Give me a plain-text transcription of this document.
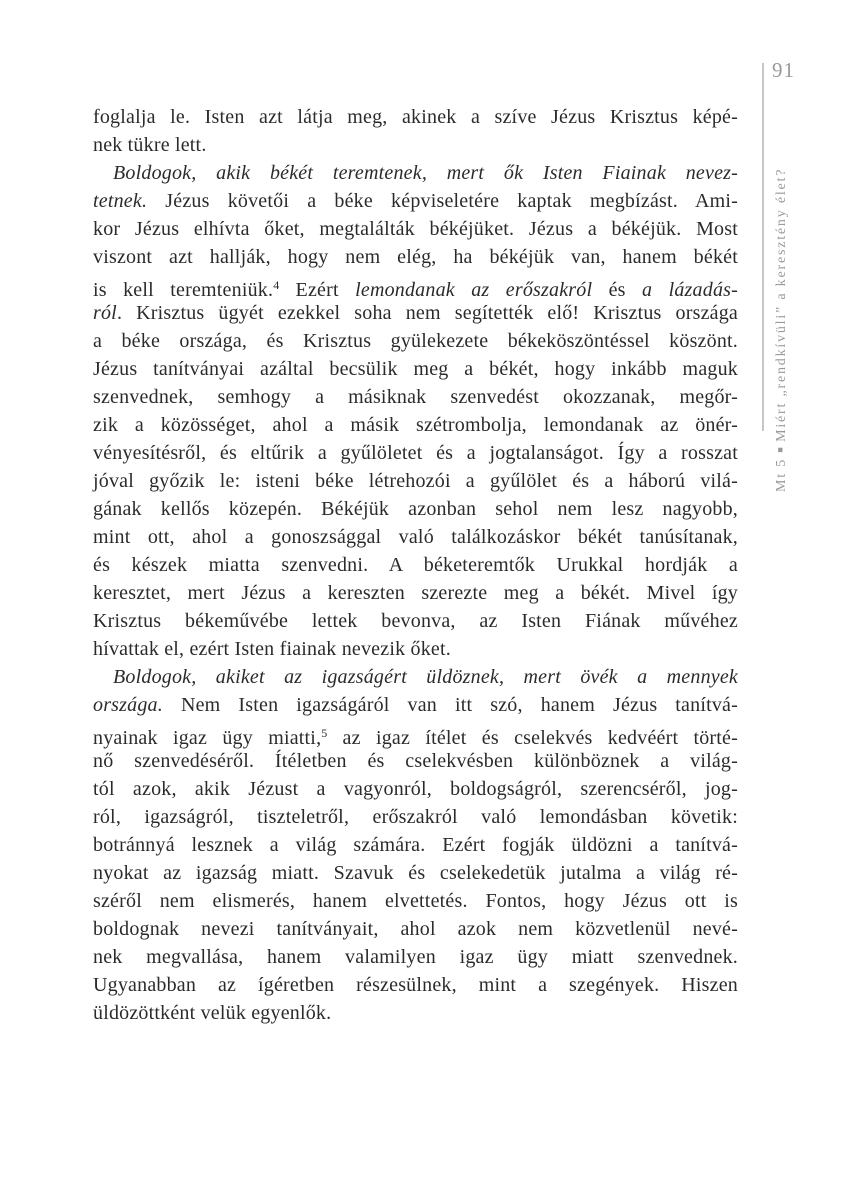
foglalja le. Isten azt látja meg, akinek a szíve Jézus Krisztus képé-
nek tükre lett.
Boldogok, akik békét teremtenek, mert ők Isten Fiainak nevez-
tetnek. Jézus követői a béke képviseletére kaptak megbízást. Ami-
kor Jézus elhívta őket, megtalálták békéjüket. Jézus a békéjük. Most
viszont azt hallják, hogy nem elég, ha békéjük van, hanem békét
is kell teremteniük.$^4$ Ezért lemondanak az erőszakról és a lázadás-
ról. Krisztus ügyét ezekkel soha nem segítették elő! Krisztus országa
a béke országa, és Krisztus gyülekezete békeköszöntéssel köszönt.
Jézus tanítványai azáltal becsülik meg a békét, hogy inkább maguk
szenvednek, semhogy a másiknak szenvedést okozzanak, megőr-
zik a közösséget, ahol a másik szétrombolja, lemondanak az önér-
vényesítésről, és eltűrik a gyűlöletet és a jogtalanságot. Így a rosszat
jóval győzik le: isteni béke létrehozói a gyűlölet és a háború vilá-
gának kellős közepén. Békéjük azonban sehol nem lesz nagyobb,
mint ott, ahol a gonoszsággal való találkozáskor békét tanúsítanak,
és készek miatta szenvedni. A béketeremtők Urukkal hordják a
keresztet, mert Jézus a kereszten szerezte meg a békét. Mivel így
Krisztus békeművébe lettek bevonva, az Isten Fiának művéhez
hívattak el, ezért Isten fiainak nevezik őket.
Boldogok, akiket az igazságért üldöznek, mert övék a mennyek
országa. Nem Isten igazságáról van itt szó, hanem Jézus tanítvá-
nyainak igaz ügy miatti,$^5$ az igaz ítélet és cselekvés kedvéért törté-
nő szenvedéséről. Ítéletben és cselekvésben különböznek a világ-
tól azok, akik Jézust a vagyonról, boldogságról, szerencséről, jog-
ról, igazságról, tiszteletről, erőszakról való lemondásban követik:
botránnyá lesznek a világ számára. Ezért fogják üldözni a tanítvá-
nyokat az igazság miatt. Szavuk és cselekedetük jutalma a világ ré-
széről nem elismerés, hanem elvettetés. Fontos, hogy Jézus ott is
boldognak nevezi tanítványait, ahol azok nem közvetlenül nevé-
nek megvallása, hanem valamilyen igaz ügy miatt szenvednek.
Ugyanabban az ígéretben részesülnek, mint a szegények. Hiszen
üldözöttként velük egyenlők.
91
Mt 5 ■ Miért „rendkívüli” a keresztény élet?
